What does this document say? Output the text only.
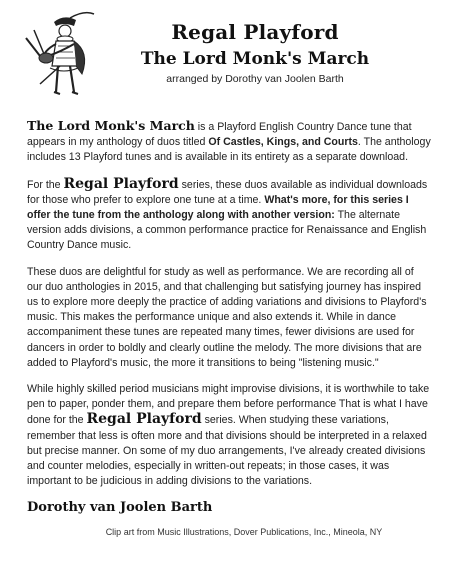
Regal Playford
The Lord Monk's March
arranged by Dorothy van Joolen Barth

The Lord Monk's March is a Playford English Country Dance tune that appears in my anthology of duos titled Of Castles, Kings, and Courts. The anthology includes 13 Playford tunes and is available in its entirety as a separate download.

For the Regal Playford series, these duos available as individual downloads for those who prefer to explore one tune at a time. What's more, for this series I offer the tune from the anthology along with another version: The alternate version adds divisions, a common performance practice for Renaissance and English Country Dance music.

These duos are delightful for study as well as performance. We are recording all of our duo anthologies in 2015, and that challenging but satisfying journey has inspired us to explore more deeply the practice of adding variations and divisions to Playford's music. This makes the performance unique and also extends it. While in dance accompaniment these tunes are repeated many times, fewer divisions are used for dancers in order to boldly and clearly outline the melody. The more divisions that are added to Playford's music, the more it transitions to being "listening music."

While highly skilled period musicians might improvise divisions, it is worthwhile to take pen to paper, ponder them, and prepare them before performance That is what I have done for the Regal Playford series. When studying these variations, remember that less is often more and that divisions should be interpreted in a relaxed but precise manner. On some of my duo arrangements, I've already created divisions and counter melodies, especially in written-out repeats; in those cases, it was important to be judicious in adding divisions to the variations.

Dorothy van Joolen Barth
Clip art from Music Illustrations, Dover Publications, Inc., Mineola, NY
